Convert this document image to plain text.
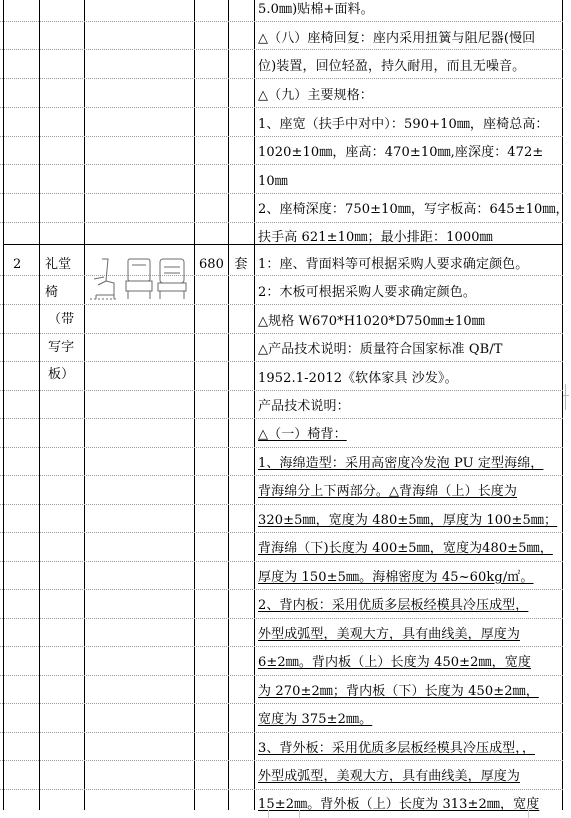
5.0㎜)贴棉+面料。
△（八）座椅回复：座内采用扭簧与阻尼器(慢回
位)装置，回位轻盈，持久耐用，而且无噪音。
△（九）主要规格：
1、座宽（扶手中对中）：590+10㎜，座椅总高：
1020±10㎜，座高：470±10㎜,座深度：472±
10㎜
2、座椅深度：750±10㎜，写字板高：645±10㎜，
扶手高 621±10㎜；最小排距：1000㎜
2 礼堂
椅
（带
写字
板）
680 套 1：座、背面料等可根据采购人要求确定颜色。
2：木板可根据采购人要求确定颜色。
△规格 W670*H1020*D750㎜±10㎜
△产品技术说明：质量符合国家标准 QB/T
1952.1-2012《软体家具 沙发》。
产品技术说明：
△（一）椅背：
1、海绵造型：采用高密度冷发泡 PU 定型海绵，
背海绵分上下两部分。△背海绵（上）长度为
320±5㎜，宽度为 480±5㎜，厚度为 100±5㎜；
背海绵（下)长度为 400±5㎜，宽度为480±5㎜，
厚度为 150±5㎜。海棉密度为 45~60kg/㎡。
2、背内板：采用优质多层板经模具冷压成型，
外型成弧型，美观大方，具有曲线美，厚度为
6±2㎜。背内板（上）长度为 450±2㎜，宽度
为 270±2㎜；背内板（下）长度为 450±2㎜，
宽度为 375±2㎜。
3、背外板：采用优质多层板经模具冷压成型，，
外型成弧型，美观大方，具有曲线美，厚度为
15±2㎜。背外板（上）长度为 313±2㎜，宽度
